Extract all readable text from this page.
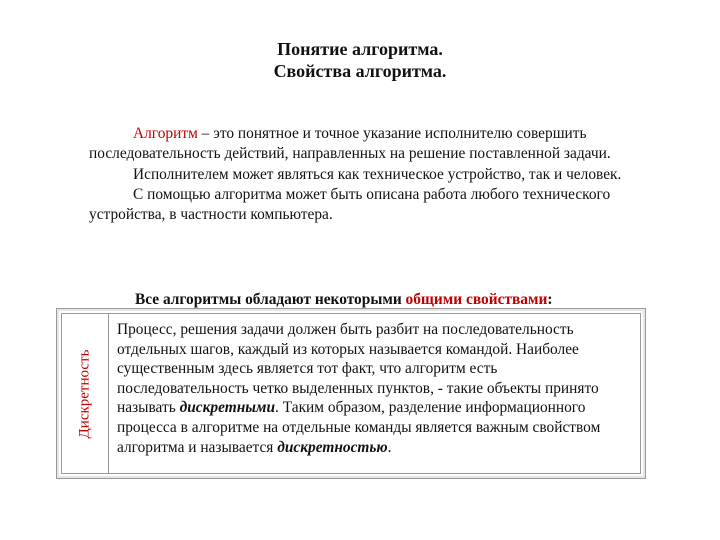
Понятие алгоритма.
Свойства алгоритма.

Алгоритм – это понятное и точное указание исполнителю совершить последовательность действий, направленных на решение поставленной задачи.

Исполнителем может являться как техническое устройство, так и человек.

С помощью алгоритма может быть описана работа любого технического устройства, в частности компьютера.

Все алгоритмы обладают некоторыми общими свойствами:
Дискретность
Процесс, решения задачи должен быть разбит на последовательность отдельных шагов, каждый из которых называется командой. Наиболее существенным здесь является тот факт, что алгоритм есть последовательность четко выделенных пунктов, - такие объекты принято называть дискретными. Таким образом, разделение информационного процесса в алгоритме на отдельные команды является важным свойством алгоритма и называется дискретностью.
